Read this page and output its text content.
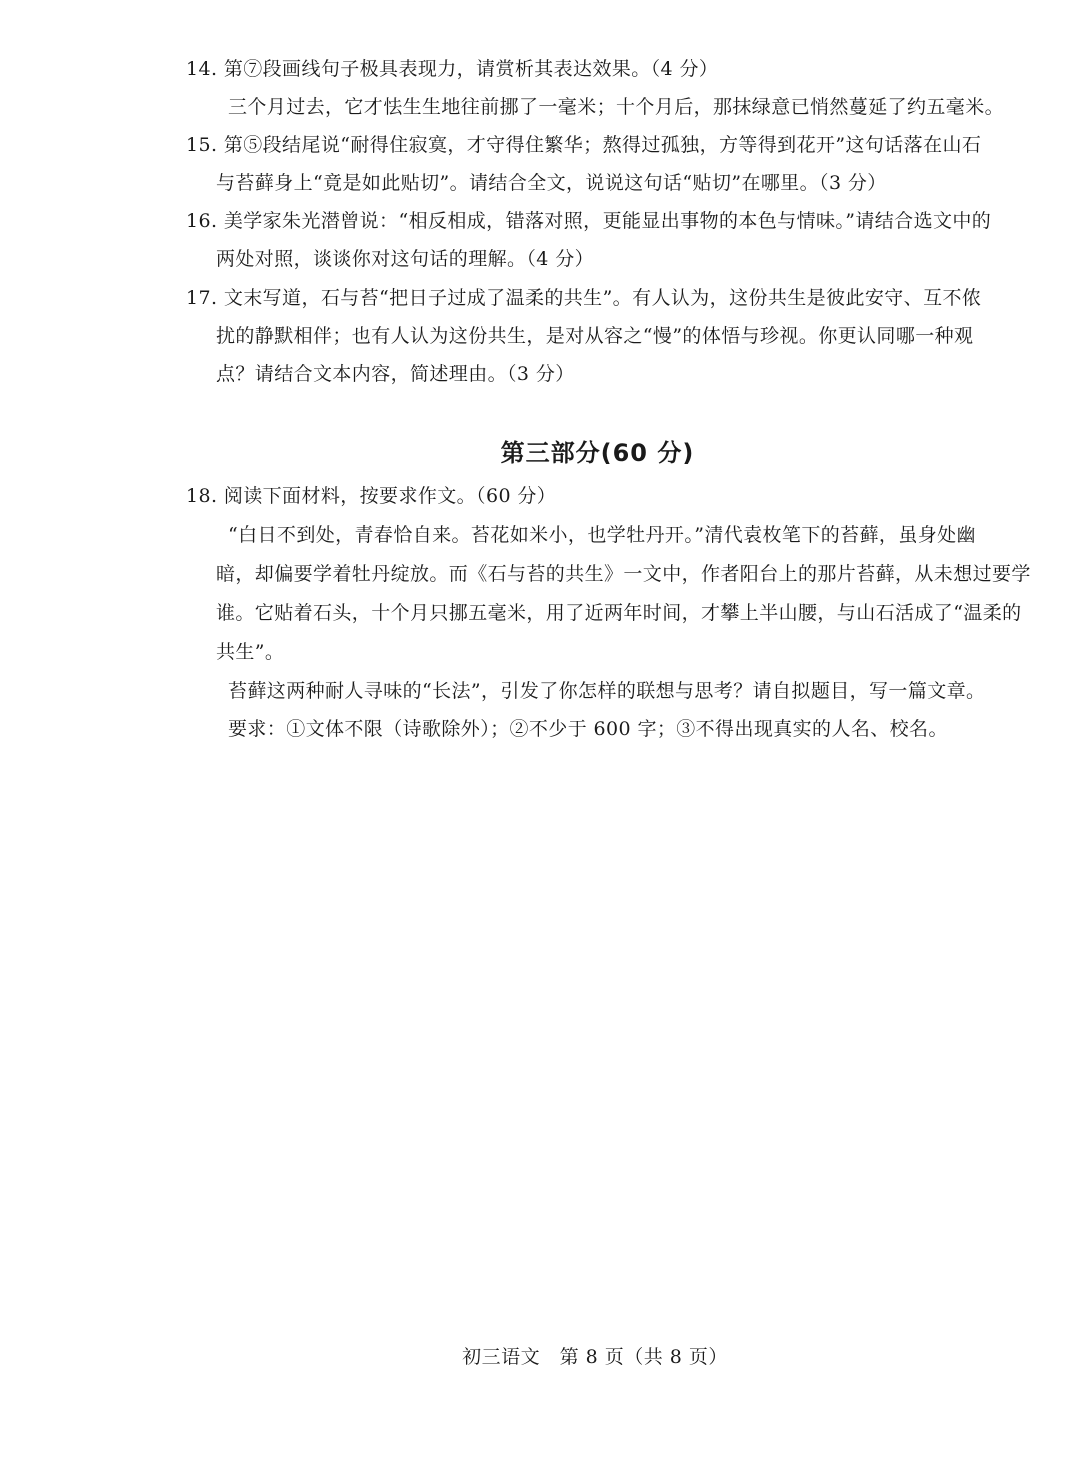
14. 第⑦段画线句子极具表现力，请赏析其表达效果。（4 分）
三个月过去，它才怯生生地往前挪了一毫米；十个月后，那抹绿意已悄然蔓延了约五毫米。
15. 第⑤段结尾说“耐得住寂寞，才守得住繁华；熬得过孤独，方等得到花开”这句话落在山石
与苔藓身上“竟是如此贴切”。请结合全文，说说这句话“贴切”在哪里。（3 分）
16. 美学家朱光潜曾说：“相反相成，错落对照，更能显出事物的本色与情味。”请结合选文中的
两处对照，谈谈你对这句话的理解。（4 分）
17. 文末写道，石与苔“把日子过成了温柔的共生”。有人认为，这份共生是彼此安守、互不侬
扰的静默相伴；也有人认为这份共生，是对从容之“慢”的体悟与珍视。你更认同哪一种观
点？请结合文本内容，简述理由。（3 分）
第三部分(60 分)
18. 阅读下面材料，按要求作文。（60 分）
“白日不到处，青春恰自来。苔花如米小，也学牡丹开。”清代袁枚笔下的苔藓，虽身处幽
暗，却偏要学着牡丹绽放。而《石与苔的共生》一文中，作者阳台上的那片苔藓，从未想过要学
谁。它贴着石头，十个月只挪五毫米，用了近两年时间，才攀上半山腰，与山石活成了“温柔的
共生”。
苔藓这两种耐人寻味的“长法”，引发了你怎样的联想与思考？请自拟题目，写一篇文章。
要求：①文体不限（诗歌除外）；②不少于 600 字；③不得出现真实的人名、校名。
初三语文　第 8 页（共 8 页）
